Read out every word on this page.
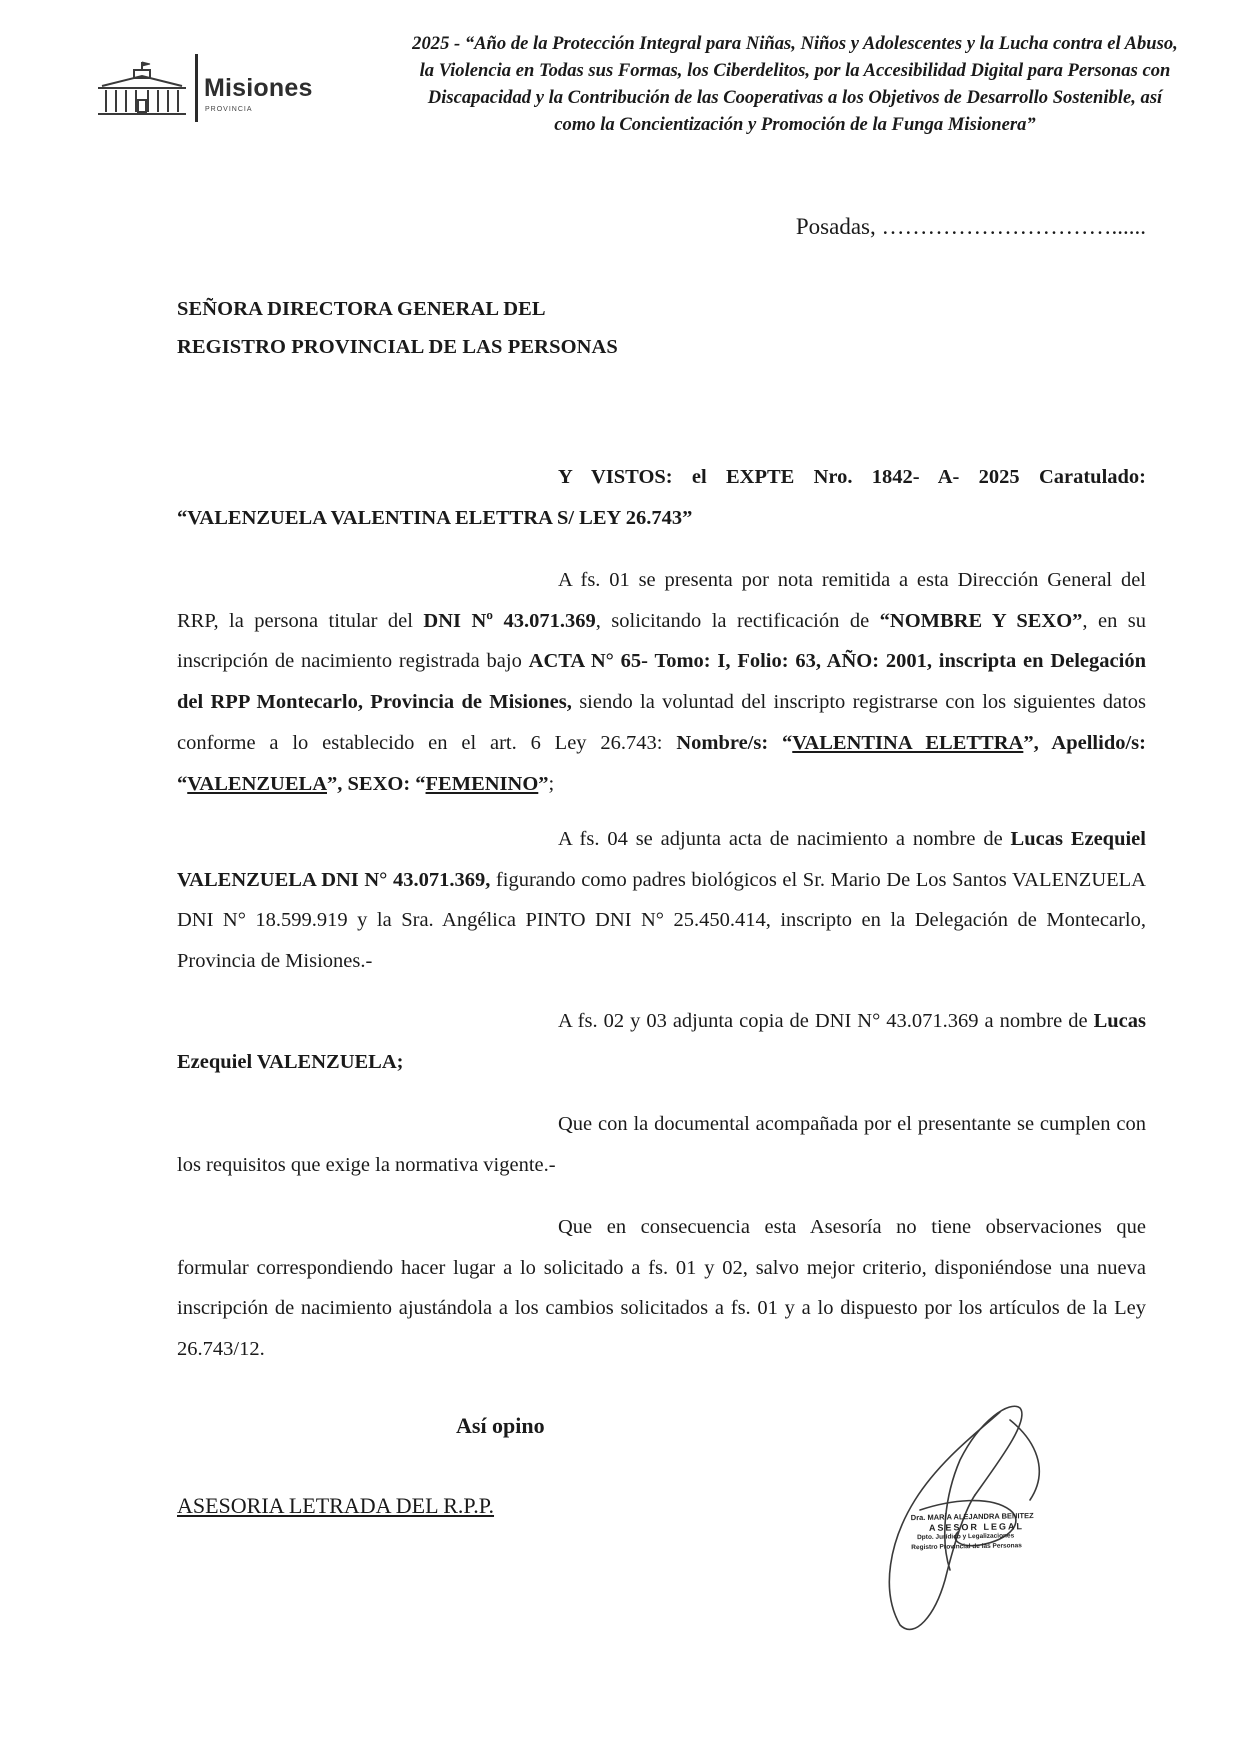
Misiones
PROVINCIA
2025 - “Año de la Protección Integral para Niñas, Niños y Adolescentes y la Lucha contra el Abuso, la Violencia en Todas sus Formas, los Ciberdelitos, por la Accesibilidad Digital para Personas con Discapacidad y la Contribución de las Cooperativas a los Objetivos de Desarrollo Sostenible, así como la Concientización y Promoción de la Funga Misionera”
Posadas, …………………………......
SEÑORA DIRECTORA GENERAL DEL
REGISTRO PROVINCIAL DE LAS PERSONAS
Y VISTOS: el EXPTE Nro. 1842- A- 2025 Caratulado: “VALENZUELA VALENTINA ELETTRA S/ LEY 26.743”
A fs. 01 se presenta por nota remitida a esta Dirección General del RRP, la persona titular del DNI Nº 43.071.369, solicitando la rectificación de “NOMBRE Y SEXO”, en su inscripción de nacimiento registrada bajo ACTA N° 65- Tomo: I, Folio: 63, AÑO: 2001, inscripta en Delegación del RPP Montecarlo, Provincia de Misiones, siendo la voluntad del inscripto registrarse con los siguientes datos conforme a lo establecido en el art. 6 Ley 26.743: Nombre/s: “VALENTINA ELETTRA”, Apellido/s: “VALENZUELA”, SEXO: “FEMENINO”;
A fs. 04 se adjunta acta de nacimiento a nombre de Lucas Ezequiel VALENZUELA DNI N° 43.071.369, figurando como padres biológicos el Sr. Mario De Los Santos VALENZUELA DNI N° 18.599.919 y la Sra. Angélica PINTO DNI N° 25.450.414, inscripto en la Delegación de Montecarlo, Provincia de Misiones.-
A fs. 02 y 03 adjunta copia de DNI N° 43.071.369 a nombre de Lucas Ezequiel VALENZUELA;
Que con la documental acompañada por el presentante se cumplen con los requisitos que exige la normativa vigente.-
Que en consecuencia esta Asesoría no tiene observaciones que formular correspondiendo hacer lugar a lo solicitado a fs. 01 y 02, salvo mejor criterio, disponiéndose una nueva inscripción de nacimiento ajustándola a los cambios solicitados a fs. 01 y a lo dispuesto por los artículos de la Ley 26.743/12.
Así opino
ASESORIA LETRADA DEL R.P.P.	Dra. MARÍA ALEJANDRA BENITEZ
ASESOR LEGAL
Dpto. Jurídico y Legalizaciones
Registro Provincial de las Personas
